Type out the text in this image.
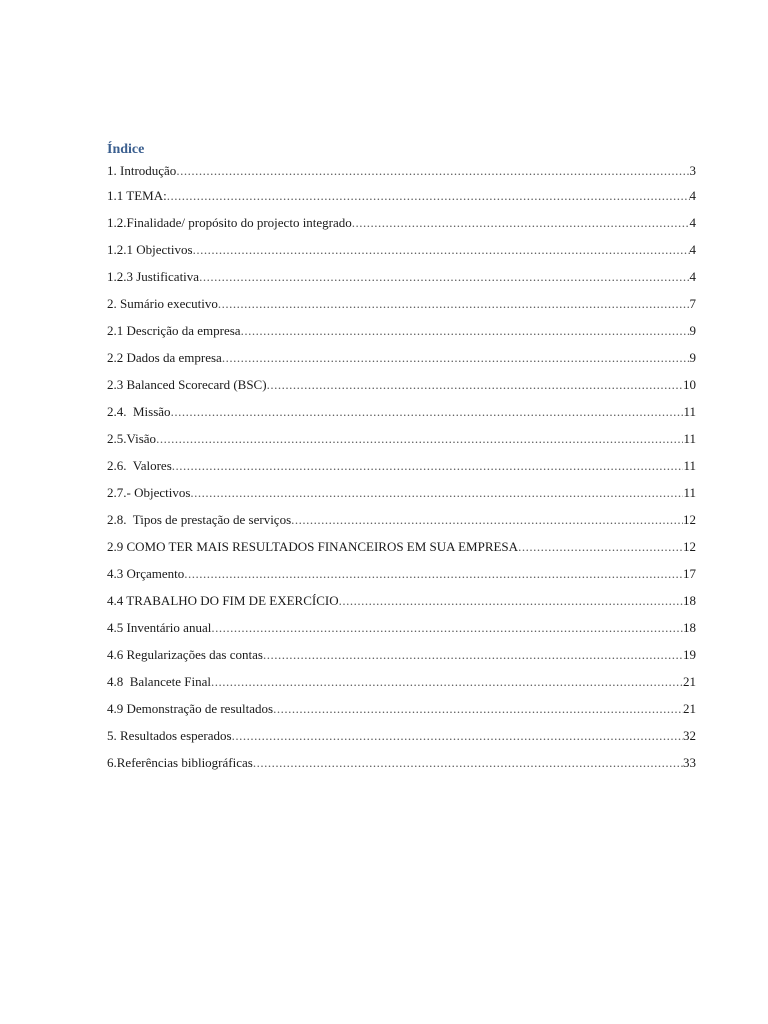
Índice
1. Introdução .....	3
1.1 TEMA: .....	4
1.2.Finalidade/ propósito do projecto integrado .....	4
1.2.1 Objectivos .....	4
1.2.3 Justificativa .....	4
2. Sumário executivo .....	7
2.1 Descrição da empresa .....	9
2.2 Dados da empresa .....	9
2.3 Balanced Scorecard (BSC) .....	10
2.4.  Missão .....	11
2.5.Visão .....	11
2.6.  Valores .....	11
2.7.- Objectivos .....	11
2.8.  Tipos de prestação de serviços .....	12
2.9 COMO TER MAIS RESULTADOS FINANCEIROS EM SUA EMPRESA .....	12
4.3 Orçamento .....	17
4.4 TRABALHO DO FIM DE EXERCÍCIO .....	18
4.5 Inventário anual .....	18
4.6 Regularizações das contas .....	19
4.8  Balancete Final .....	21
4.9 Demonstração de resultados .....	21
5. Resultados esperados .....	32
6.Referências bibliográficas .....	33
